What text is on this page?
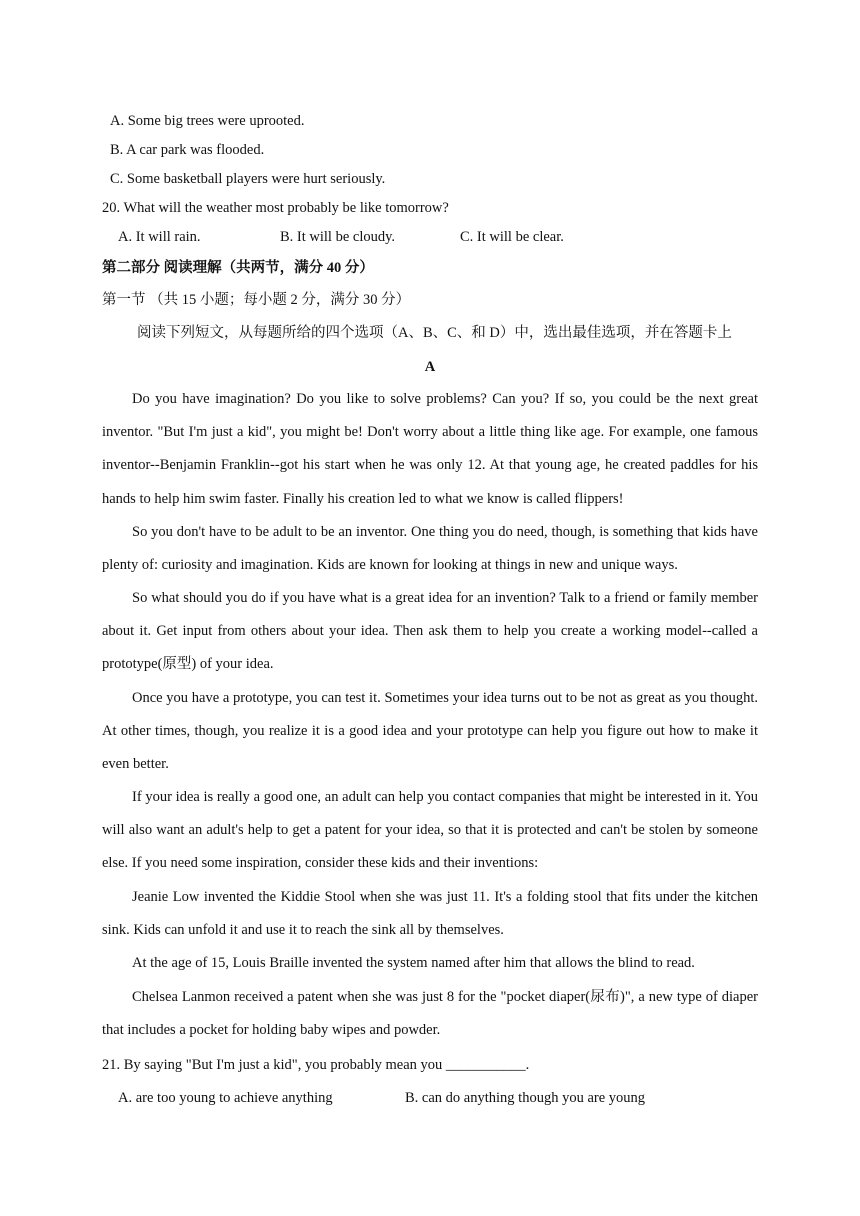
A. Some big trees were uprooted.
B. A car park was flooded.
C. Some basketball players were hurt seriously.
20. What will the weather most probably be like tomorrow?
A. It will rain.	B. It will be cloudy.	C. It will be clear.
第二部分 阅读理解（共两节，满分 40 分）
第一节 （共 15 小题；每小题 2 分，满分 30 分）
阅读下列短文，从每题所给的四个选项（A、B、C、和 D）中，选出最佳选项，并在答题卡上
A

Do you have imagination? Do you like to solve problems? Can you? If so, you could be the next great inventor. "But I'm just a kid", you might be! Don't worry about a little thing like age. For example, one famous inventor--Benjamin Franklin--got his start when he was only 12. At that young age, he created paddles for his hands to help him swim faster. Finally his creation led to what we know is called flippers!

So you don't have to be adult to be an inventor. One thing you do need, though, is something that kids have plenty of: curiosity and imagination. Kids are known for looking at things in new and unique ways.

So what should you do if you have what is a great idea for an invention? Talk to a friend or family member about it. Get input from others about your idea. Then ask them to help you create a working model--called a prototype(原型) of your idea.

Once you have a prototype, you can test it. Sometimes your idea turns out to be not as great as you thought. At other times, though, you realize it is a good idea and your prototype can help you figure out how to make it even better.

If your idea is really a good one, an adult can help you contact companies that might be interested in it. You will also want an adult's help to get a patent for your idea, so that it is protected and can't be stolen by someone else. If you need some inspiration, consider these kids and their inventions:

Jeanie Low invented the Kiddie Stool when she was just 11. It's a folding stool that fits under the kitchen sink. Kids can unfold it and use it to reach the sink all by themselves.

At the age of 15, Louis Braille invented the system named after him that allows the blind to read.

Chelsea Lanmon received a patent when she was just 8 for the "pocket diaper(尿布)", a new type of diaper that includes a pocket for holding baby wipes and powder.

21. By saying "But I'm just a kid", you probably mean you ___________.
A. are too young to achieve anything	B. can do anything though you are young
